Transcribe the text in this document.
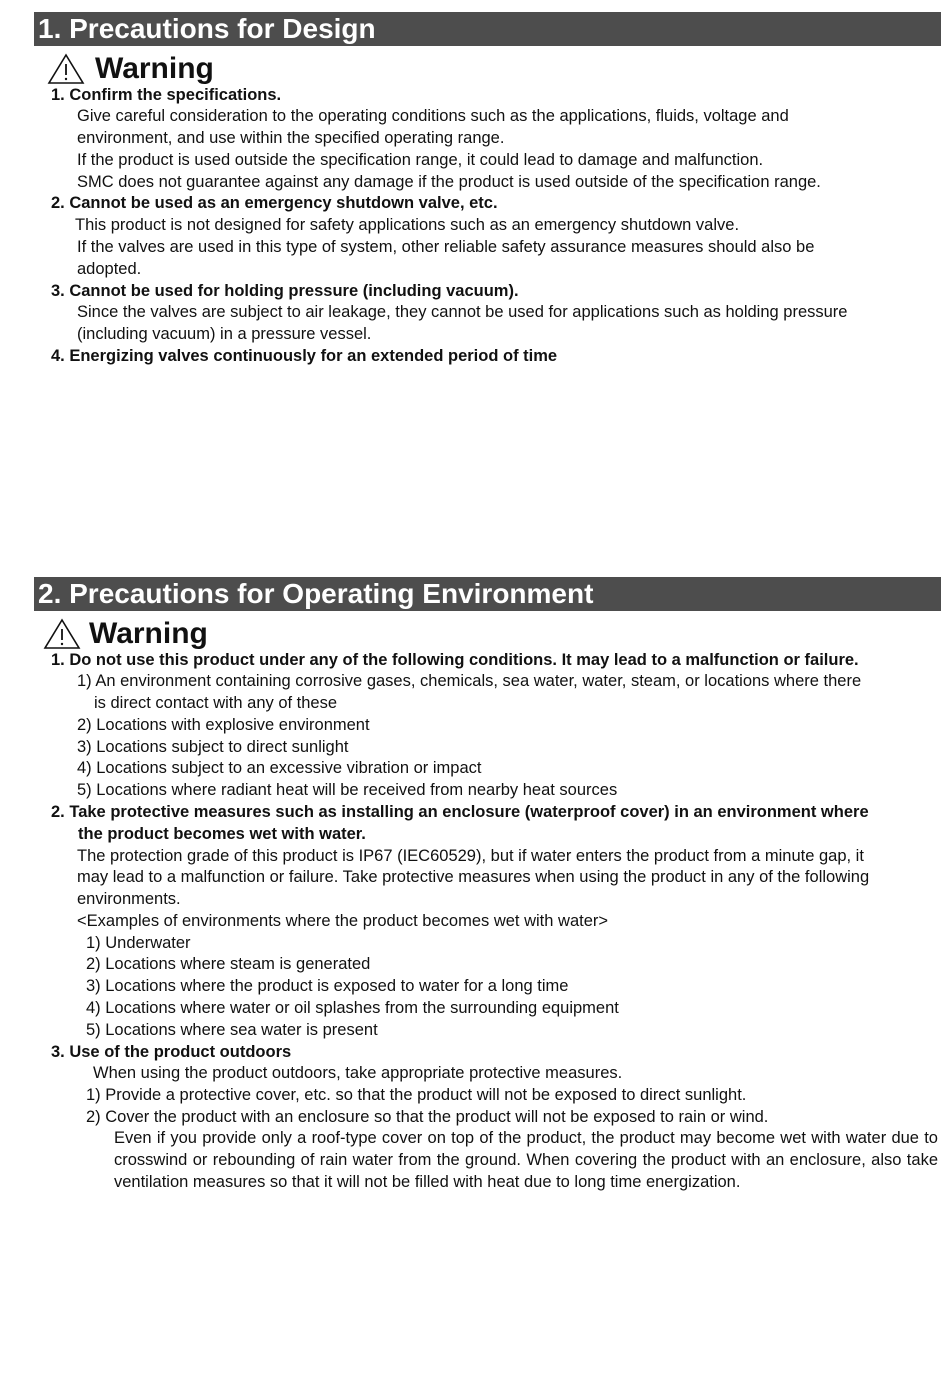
1. Precautions for Design
Warning
1. Confirm the specifications.
Give careful consideration to the operating conditions such as the applications, fluids, voltage and
environment, and use within the specified operating range.
If the product is used outside the specification range, it could lead to damage and malfunction.
SMC does not guarantee against any damage if the product is used outside of the specification range.
2. Cannot be used as an emergency shutdown valve, etc.
This product is not designed for safety applications such as an emergency shutdown valve.
If the valves are used in this type of system, other reliable safety assurance measures should also be
adopted.
3. Cannot be used for holding pressure (including vacuum).
Since the valves are subject to air leakage, they cannot be used for applications such as holding pressure
(including vacuum) in a pressure vessel.
4. Energizing valves continuously for an extended period of time
2. Precautions for Operating Environment
Warning
1. Do not use this product under any of the following conditions. It may lead to a malfunction or failure.
1) An environment containing corrosive gases, chemicals, sea water, water, steam, or locations where there
is direct contact with any of these
2) Locations with explosive environment
3) Locations subject to direct sunlight
4) Locations subject to an excessive vibration or impact
5) Locations where radiant heat will be received from nearby heat sources
2. Take protective measures such as installing an enclosure (waterproof cover) in an environment where
the product becomes wet with water.
The protection grade of this product is IP67 (IEC60529), but if water enters the product from a minute gap, it
may lead to a malfunction or failure. Take protective measures when using the product in any of the following
environments.
<Examples of environments where the product becomes wet with water>
1) Underwater
2) Locations where steam is generated
3) Locations where the product is exposed to water for a long time
4) Locations where water or oil splashes from the surrounding equipment
5) Locations where sea water is present
3. Use of the product outdoors
When using the product outdoors, take appropriate protective measures.
1) Provide a protective cover, etc. so that the product will not be exposed to direct sunlight.
2) Cover the product with an enclosure so that the product will not be exposed to rain or wind.
Even if you provide only a roof-type cover on top of the product, the product may become wet with water due to crosswind or rebounding of rain water from the ground. When covering the product with an enclosure, also take ventilation measures so that it will not be filled with heat due to long time energization.
